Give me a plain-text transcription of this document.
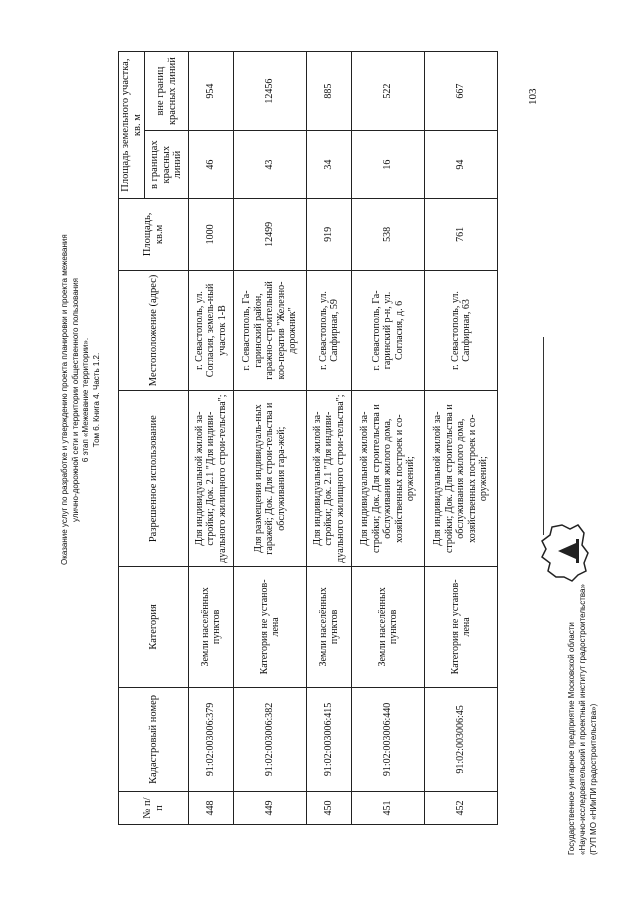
Оказание услуг по разработке и утверждению проекта планировки и проекта межевания улично-дорожной сети и территории общественного пользования 6 этап «Межевание территории». Том 6. Книга 4. Часть 1.2.
№ п/п	Кадастровый номер	Категория	Разрешенное использование	Местоположение (адрес)	Площадь, кв.м	Площадь земельного участка, кв. м	
						в границах красных линий	вне границ красных линий
448	91:02:003006:379	Земли населённых пунктов	Для индивидуальной жилой за-стройки; Док. 2.1 "Для индиви-дуального жилищного строи-тельства";	г. Севастополь, ул. Согласия, земель-ный участок 1-В	1000	46	954
449	91:02:003006:382	Категория не установ-лена	Для размещения индивидуаль-ных гаражей; Док. Для строи-тельства и обслуживания гара-жей;	г. Севастополь, Га-гаринский район, гаражно-строительный коо-ператив "Железно-дорожник"	12499	43	12456
450	91:02:003006:415	Земли населённых пунктов	Для индивидуальной жилой за-стройки; Док. 2.1 "Для индиви-дуального жилищного строи-тельства";	г. Севастополь, ул. Сапфирная, 59	919	34	885
451	91:02:003006:440	Земли населённых пунктов	Для индивидуальной жилой за-стройки; Док. Для строительства и обслуживания жилого дома, хозяйственных построек и со-оружений;	г. Севастополь, Га-гаринский р-н, ул. Согласия, д. 6	538	16	522
452	91:02:003006:45	Категория не установ-лена	Для индивидуальной жилой за-стройки; Док. Для строительства и обслуживания жилого дома, хозяйственных построек и со-оружений;	г. Севастополь, ул. Сапфирная, 63	761	94	667	103
Государственное унитарное предприятие Московской области «Научно-исследовательский и проектный институт градостроительства» (ГУП МО «НИиПИ градостроительства»)
